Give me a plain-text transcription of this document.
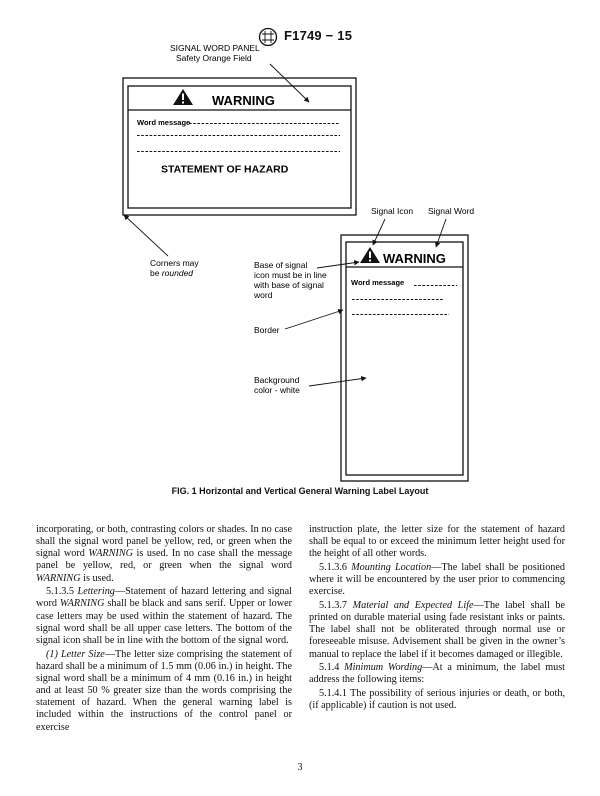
F1749 − 15
WARNING
Word message
STATEMENT OF HAZARD
SIGNAL WORD PANEL
Safety Orange Field
Corners may
be rounded
WARNING
Word message
Signal Icon Signal Word
Base of signal
icon must be in line
with base of signal
word
Border
Background
color - white
FIG. 1 Horizontal and Vertical General Warning Label Layout

incorporating, or both, contrasting colors or shades. In no case shall the signal word panel be yellow, red, or green when the signal word WARNING is used. In no case shall the message panel be yellow, red, or green when the signal word WARNING is used.

5.1.3.5 Lettering—Statement of hazard lettering and signal word WARNING shall be black and sans serif. Upper or lower case letters may be used within the statement of hazard. The signal word shall be all upper case letters. The bottom of the signal icon shall be in line with the bottom of the signal word.

(1) Letter Size—The letter size comprising the statement of hazard shall be a minimum of 1.5 mm (0.06 in.) in height. The signal word shall be a minimum of 4 mm (0.16 in.) in height and at least 50 % greater size than the words comprising the statement of hazard. When the general warning label is included within the instructions of the control panel or exercise

instruction plate, the letter size for the statement of hazard shall be equal to or exceed the minimum letter height used for the height of all other words.

5.1.3.6 Mounting Location—The label shall be positioned where it will be encountered by the user prior to commencing exercise.

5.1.3.7 Material and Expected Life—The label shall be printed on durable material using fade resistant inks or paints. The label shall not be obliterated through normal use or foreseeable misuse. Advisement shall be given in the owner’s manual to replace the label if it becomes damaged or illegible.

5.1.4 Minimum Wording—At a minimum, the label must address the following items:

5.1.4.1 The possibility of serious injuries or death, or both, (if applicable) if caution is not used.

3
